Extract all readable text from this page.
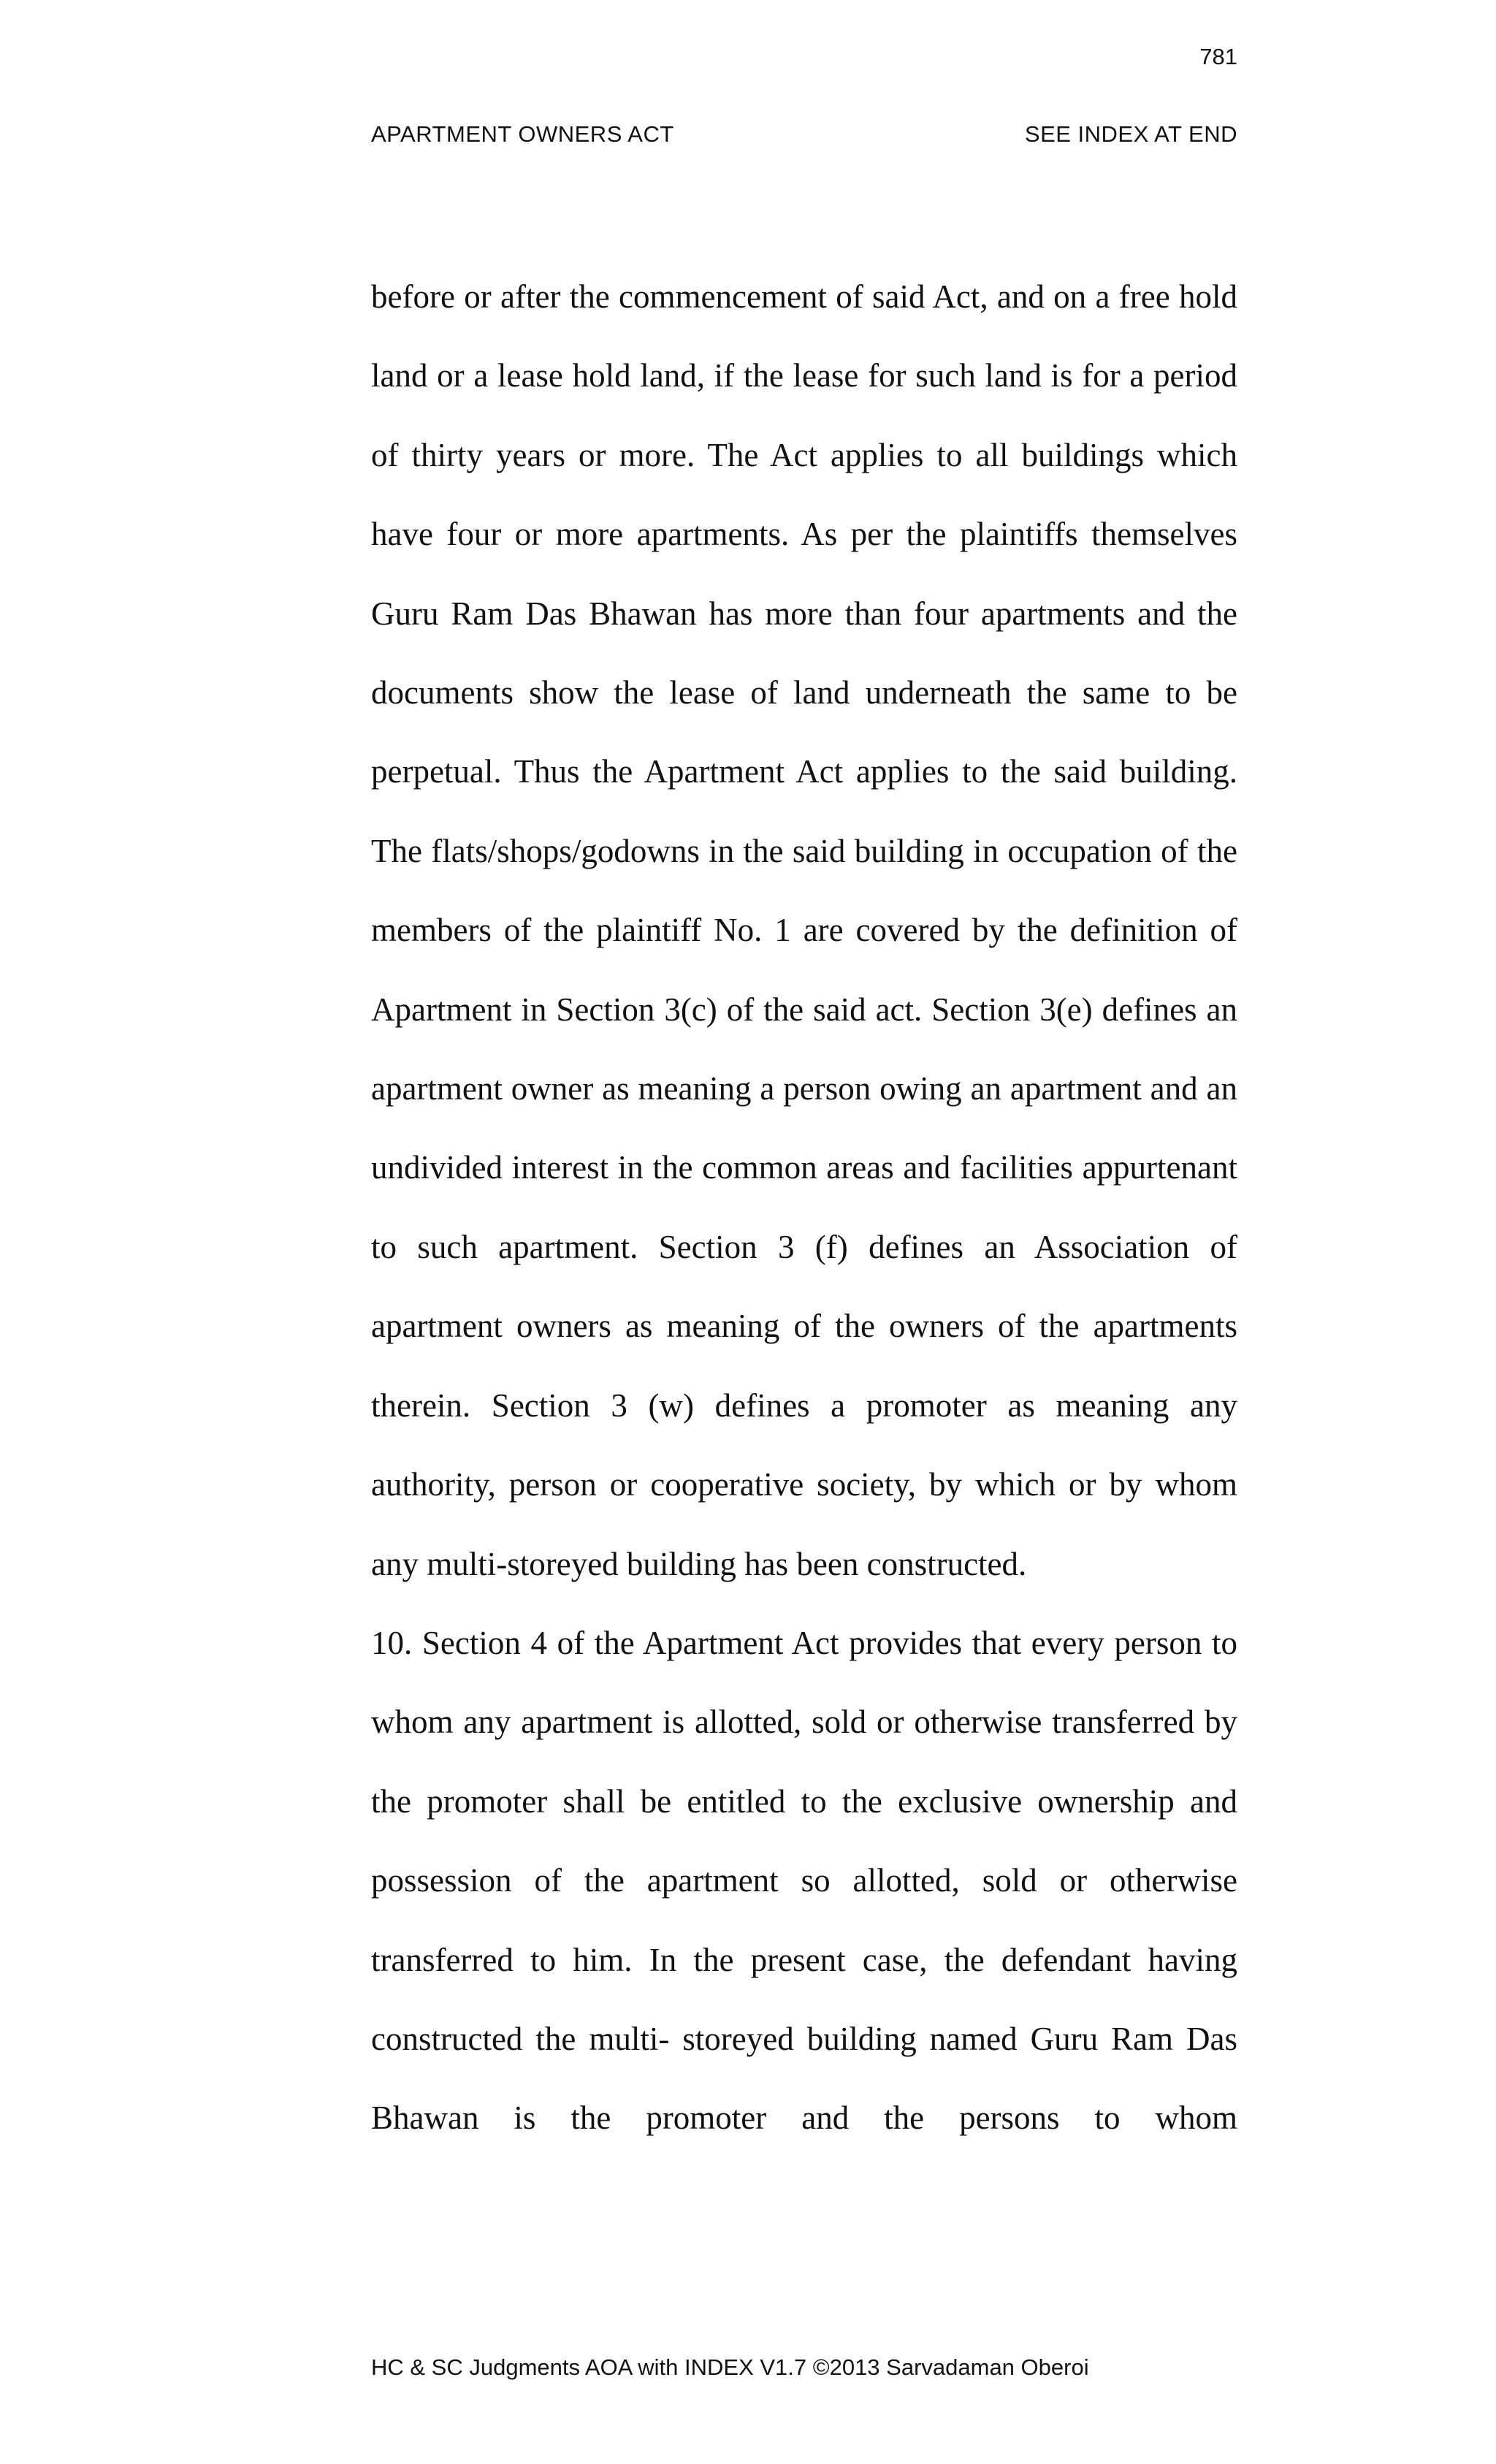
781
APARTMENT OWNERS ACT	SEE INDEX AT END

before or after the commencement of said Act, and on a free hold land or a lease hold land, if the lease for such land is for a period of thirty years or more. The Act applies to all buildings which have four or more apartments. As per the plaintiffs themselves Guru Ram Das Bhawan has more than four apartments and the documents show the lease of land underneath the same to be perpetual. Thus the Apartment Act applies to the said building. The flats/shops/godowns in the said building in occupation of the members of the plaintiff No. 1 are covered by the definition of Apartment in Section 3(c) of the said act. Section 3(e) defines an apartment owner as meaning a person owing an apartment and an undivided interest in the common areas and facilities appurtenant to such apartment. Section 3 (f) defines an Association of apartment owners as meaning of the owners of the apartments therein. Section 3 (w) defines a promoter as meaning any authority, person or cooperative society, by which or by whom any multi-storeyed building has been constructed.

10. Section 4 of the Apartment Act provides that every person to whom any apartment is allotted, sold or otherwise transferred by the promoter shall be entitled to the exclusive ownership and possession of the apartment so allotted, sold or otherwise transferred to him. In the present case, the defendant having constructed the multi- storeyed building named Guru Ram Das Bhawan is the promoter and the persons to whom

HC & SC Judgments AOA with INDEX V1.7 ©2013 Sarvadaman Oberoi
